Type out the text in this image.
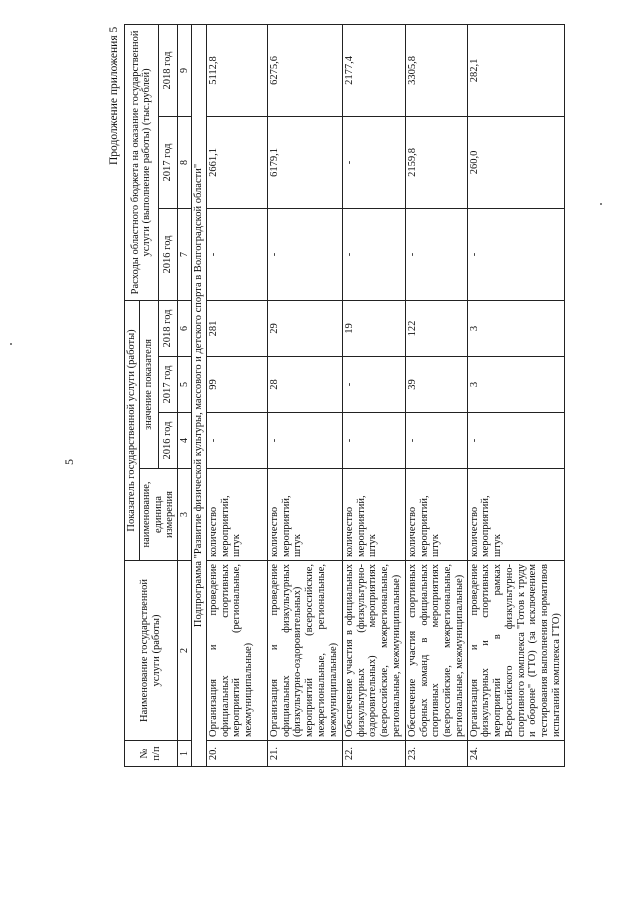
5
Продолжение приложения 5
№ п/п	Наименование государственной услуги (работы)	Показатель государственной услуги (работы)				Расходы областного бюджета на оказание государственной услуги (выполнение работы) (тыс.рублей)		
		наименование, единица измерения	значение показателя					
			2016 год	2017 год	2018 год	2016 год	2017 год	2018 год
1	2	3	4	5	6	7	8	9
Подпрограмма "Развитие физической культуры, массового и детского спорта в Волгоградской области"								
20.	Организация и проведение официальных спортивных мероприятий (региональные, межмуниципальные)	количество мероприятий, штук	-	99	281	-	2661,1	5112,8
21.	Организация и проведение официальных физкультурных (физкультурно-оздоровительных) мероприятий (всероссийские, межрегиональные, региональные, межмуниципальные)	количество мероприятий, штук	-	28	29	-	6179,1	6275,6
22.	Обеспечение участия в официальных физкультурных (физкультурно-оздоровительных) мероприятиях (всероссийские, межрегиональные, региональные, межмуниципальные)	количество мероприятий, штук	-	-	19	-	-	2177,4
23.	Обеспечение участия спортивных сборных команд в официальных спортивных мероприятиях (всероссийские, межрегиональные, региональные, межмуниципальные)	количество мероприятий, штук	-	39	122	-	2159,8	3305,8
24.	Организация и проведение физкультурных и спортивных мероприятий в рамках Всероссийского физкультурно-спортивного комплекса "Готов к труду и обороне" (ГТО) (за исключением тестирования выполнения нормативов испытаний комплекса ГТО)	количество мероприятий, штук	-	3	3	-	260,0	282,1
